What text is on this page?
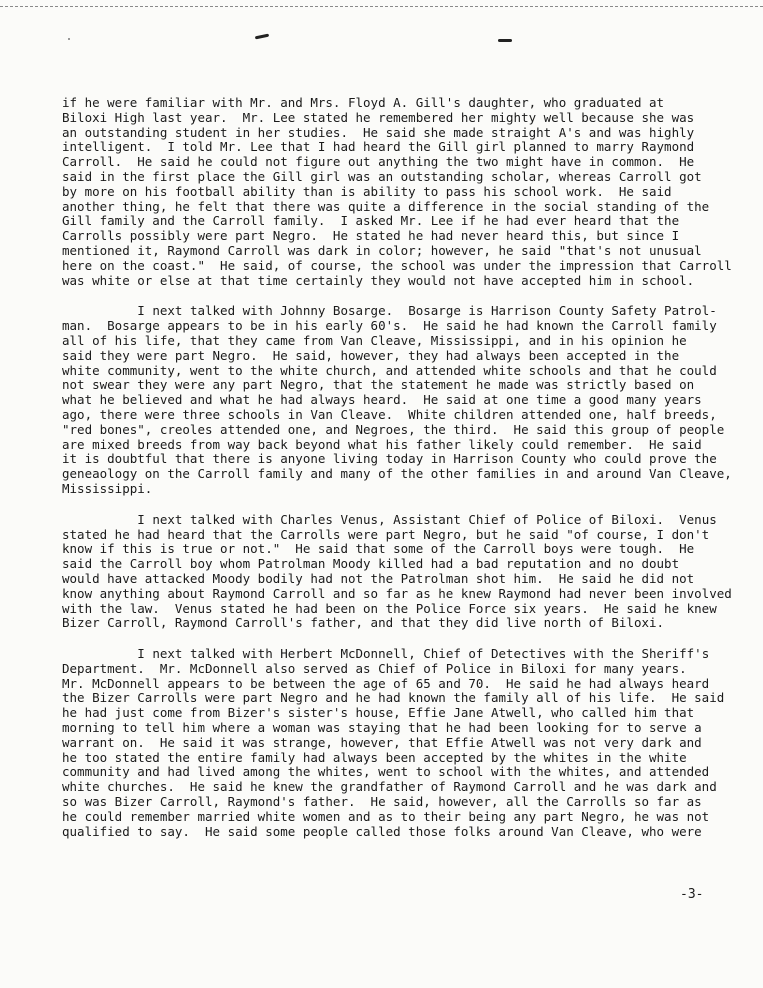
if he were familiar with Mr. and Mrs. Floyd A. Gill's daughter, who graduated at
Biloxi High last year.  Mr. Lee stated he remembered her mighty well because she was
an outstanding student in her studies.  He said she made straight A's and was highly
intelligent.  I told Mr. Lee that I had heard the Gill girl planned to marry Raymond
Carroll.  He said he could not figure out anything the two might have in common.  He
said in the first place the Gill girl was an outstanding scholar, whereas Carroll got
by more on his football ability than is ability to pass his school work.  He said
another thing, he felt that there was quite a difference in the social standing of the
Gill family and the Carroll family.  I asked Mr. Lee if he had ever heard that the
Carrolls possibly were part Negro.  He stated he had never heard this, but since I
mentioned it, Raymond Carroll was dark in color; however, he said "that's not unusual
here on the coast."  He said, of course, the school was under the impression that Carroll
was white or else at that time certainly they would not have accepted him in school.

I next talked with Johnny Bosarge.  Bosarge is Harrison County Safety Patrol-
man.  Bosarge appears to be in his early 60's.  He said he had known the Carroll family
all of his life, that they came from Van Cleave, Mississippi, and in his opinion he
said they were part Negro.  He said, however, they had always been accepted in the
white community, went to the white church, and attended white schools and that he could
not swear they were any part Negro, that the statement he made was strictly based on
what he believed and what he had always heard.  He said at one time a good many years
ago, there were three schools in Van Cleave.  White children attended one, half breeds,
"red bones", creoles attended one, and Negroes, the third.  He said this group of people
are mixed breeds from way back beyond what his father likely could remember.  He said
it is doubtful that there is anyone living today in Harrison County who could prove the
geneaology on the Carroll family and many of the other families in and around Van Cleave,
Mississippi.

I next talked with Charles Venus, Assistant Chief of Police of Biloxi.  Venus
stated he had heard that the Carrolls were part Negro, but he said "of course, I don't
know if this is true or not."  He said that some of the Carroll boys were tough.  He
said the Carroll boy whom Patrolman Moody killed had a bad reputation and no doubt
would have attacked Moody bodily had not the Patrolman shot him.  He said he did not
know anything about Raymond Carroll and so far as he knew Raymond had never been involved
with the law.  Venus stated he had been on the Police Force six years.  He said he knew
Bizer Carroll, Raymond Carroll's father, and that they did live north of Biloxi.

I next talked with Herbert McDonnell, Chief of Detectives with the Sheriff's
Department.  Mr. McDonnell also served as Chief of Police in Biloxi for many years.
Mr. McDonnell appears to be between the age of 65 and 70.  He said he had always heard
the Bizer Carrolls were part Negro and he had known the family all of his life.  He said
he had just come from Bizer's sister's house, Effie Jane Atwell, who called him that
morning to tell him where a woman was staying that he had been looking for to serve a
warrant on.  He said it was strange, however, that Effie Atwell was not very dark and
he too stated the entire family had always been accepted by the whites in the white
community and had lived among the whites, went to school with the whites, and attended
white churches.  He said he knew the grandfather of Raymond Carroll and he was dark and
so was Bizer Carroll, Raymond's father.  He said, however, all the Carrolls so far as
he could remember married white women and as to their being any part Negro, he was not
qualified to say.  He said some people called those folks around Van Cleave, who were

-3-
